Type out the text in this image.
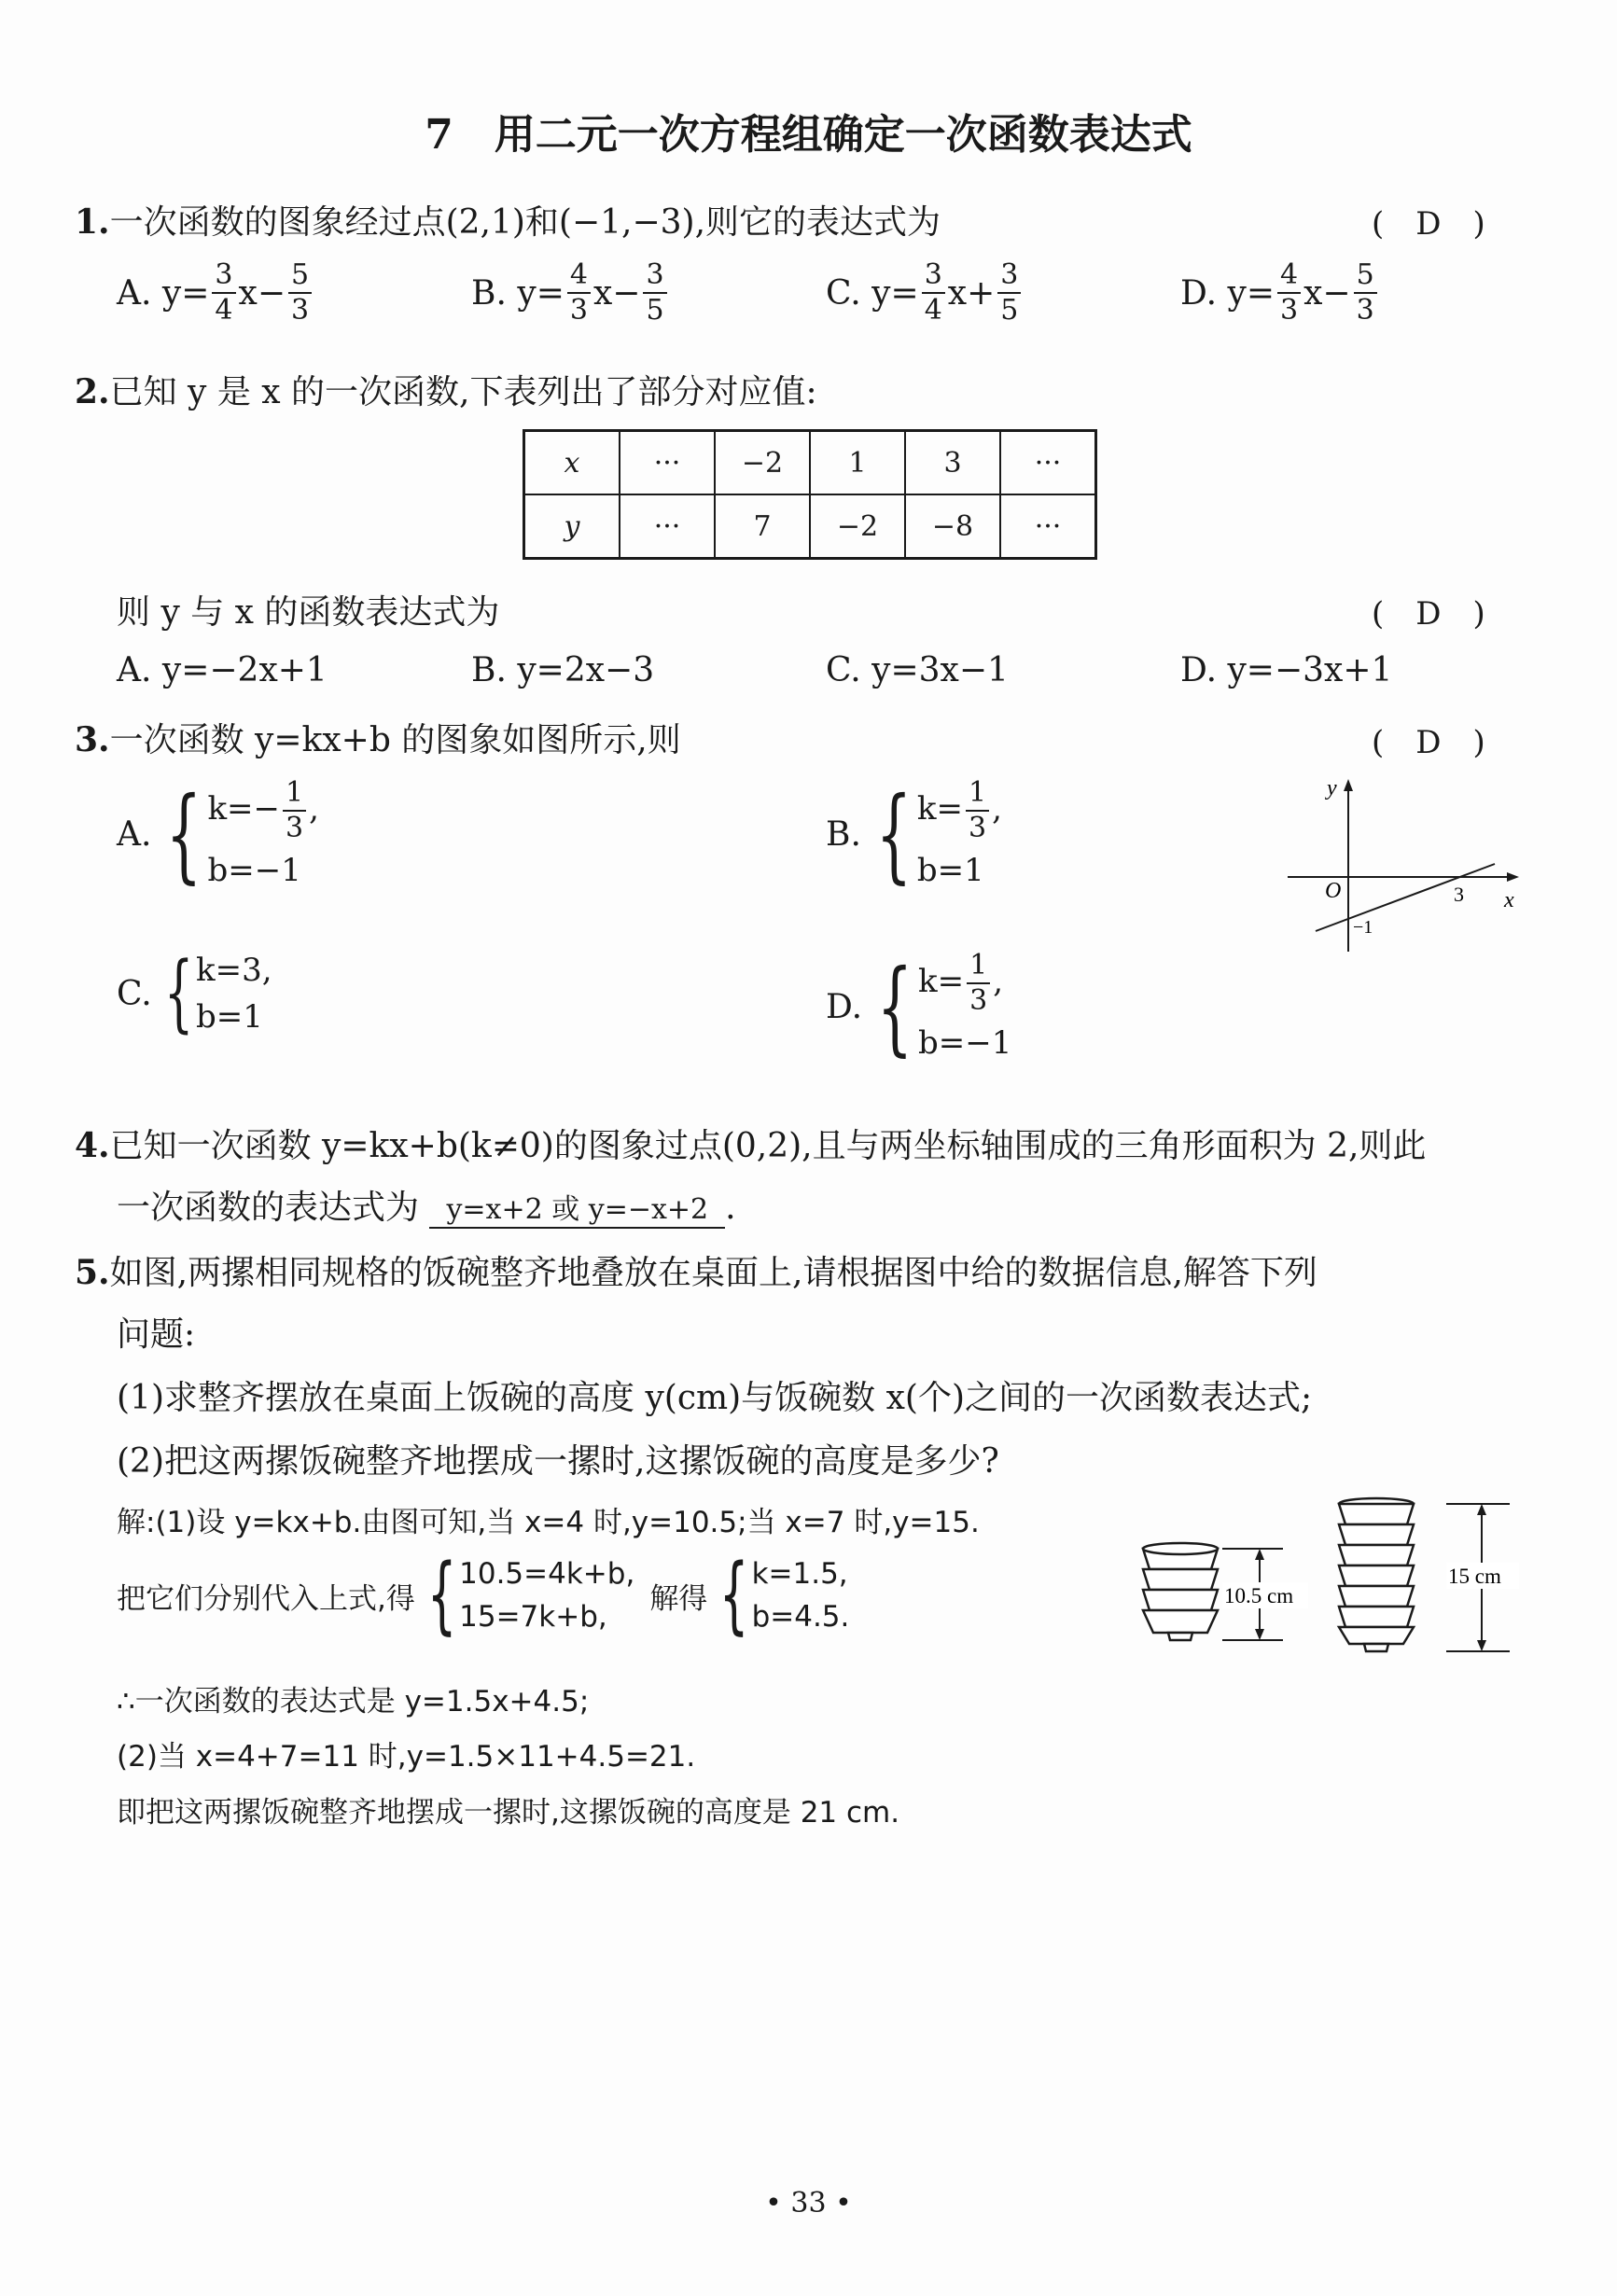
7　用二元一次方程组确定一次函数表达式
1.一次函数的图象经过点(2,1)和(−1,−3),则它的表达式为	(　D　)
A.
$y= \frac{3}{4} x- \frac{5}{3}$	B.
$y= \frac{4}{3} x- \frac{3}{5}$	C.
$y= \frac{3}{4} x+ \frac{3}{5}$	D.
$y= \frac{4}{3} x- \frac{5}{3}$
2.已知 y 是 x 的一次函数,下表列出了部分对应值:
x	···	−2	1	3	···
y	···	7	−2	−8	···
则 y 与 x 的函数表达式为	(　D　)
A. y=−2x+1	B. y=2x−3	C. y=3x−1	D. y=−3x+1
3.一次函数 y=kx+b 的图象如图所示,则	(　D　)
A. { $k=- \frac{1}{3}$ ,
b=−1
B. { $k= \frac{1}{3}$ ,
b=1
C. { k=3,
b=1	D. { $k= \frac{1}{3}$ ,
b=−1
y
x
O	3
−1
4.已知一次函数 y=kx+b(k≠0)的图象过点(0,2),且与两坐标轴围成的三角形面积为 2,则此
一次函数的表达式为 y=x+2 或 y=−x+2 .
5.如图,两摞相同规格的饭碗整齐地叠放在桌面上,请根据图中给的数据信息,解答下列
问题:
(1)求整齐摆放在桌面上饭碗的高度 y(cm)与饭碗数 x(个)之间的一次函数表达式;
(2)把这两摞饭碗整齐地摆成一摞时,这摞饭碗的高度是多少?
解:(1)设 y=kx+b.由图可知,当 x=4 时,y=10.5;当 x=7 时,y=15.
把它们分别代入上式,得 { 10.5=4k+b,
15=7k+b,
解得 { k=1.5,
b=4.5.
∴一次函数的表达式是 y=1.5x+4.5;
(2)当 x=4+7=11 时,y=1.5×11+4.5=21.
即把这两摞饭碗整齐地摆成一摞时,这摞饭碗的高度是 21 cm.
10.5 cm
15 cm
• 33 •
